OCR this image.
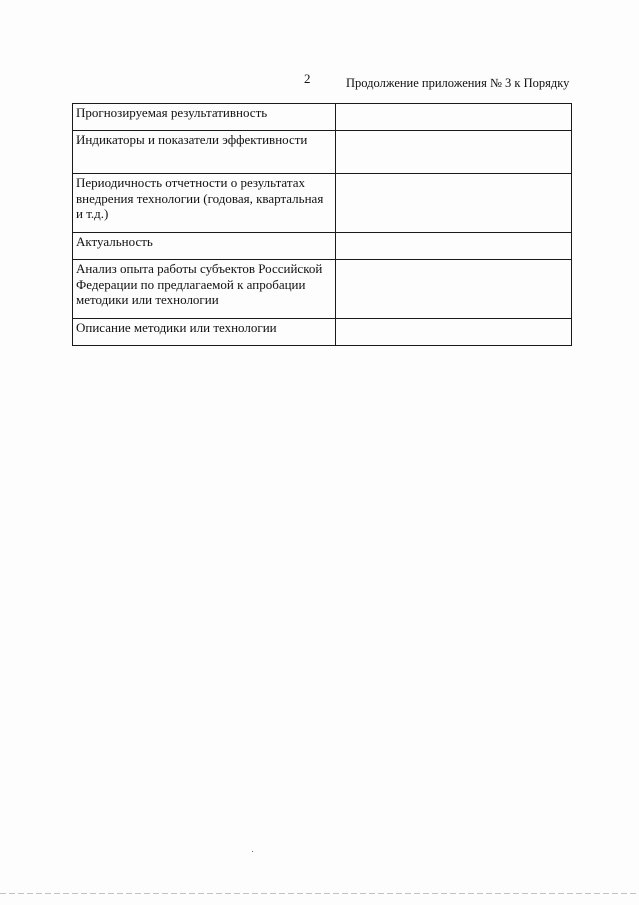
2	Продолжение приложения № 3 к Порядку
Прогнозируемая результативность	
Индикаторы и показатели эффективности	
Периодичность отчетности о результатах внедрения технологии (годовая, квартальная и т.д.)	
Актуальность	
Анализ опыта работы субъектов Российской Федерации по предлагаемой к апробации методики или технологии	
Описание методики или технологии	
